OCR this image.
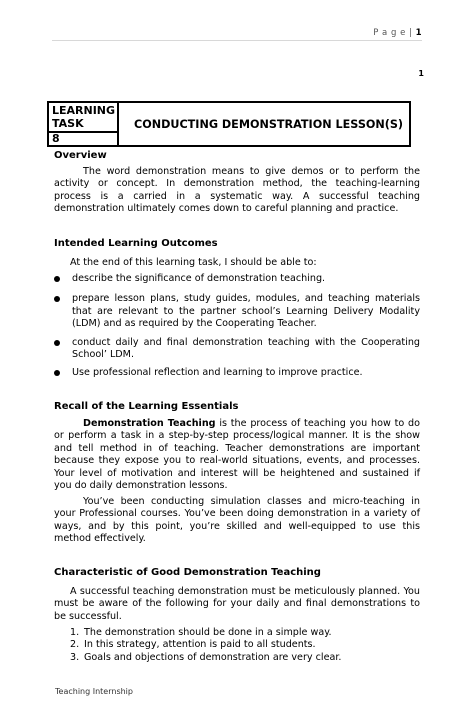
P a g e | 1
1
LEARNING TASK
8
CONDUCTING DEMONSTRATION LESSON(S)
Overview
The word demonstration means to give demos or to perform the activity or concept. In demonstration method, the teaching-learning process is a carried in a systematic way. A successful teaching demonstration ultimately comes down to careful planning and practice.
Intended Learning Outcomes
At the end of this learning task, I should be able to:
describe the significance of demonstration teaching.
prepare lesson plans, study guides, modules, and teaching materials that are relevant to the partner school’s Learning Delivery Modality (LDM) and as required by the Cooperating Teacher.
conduct daily and final demonstration teaching with the Cooperating School’ LDM.
Use professional reflection and learning to improve practice.
Recall of the Learning Essentials
Demonstration Teaching is the process of teaching you how to do or perform a task in a step-by-step process/logical manner. It is the show and tell method in of teaching. Teacher demonstrations are important because they expose you to real-world situations, events, and processes. Your level of motivation and interest will be heightened and sustained if you do daily demonstration lessons.
You’ve been conducting simulation classes and micro-teaching in your Professional courses. You’ve been doing demonstration in a variety of ways, and by this point, you’re skilled and well-equipped to use this method effectively.
Characteristic of Good Demonstration Teaching
A successful teaching demonstration must be meticulously planned. You must be aware of the following for your daily and final demonstrations to be successful.
1. The demonstration should be done in a simple way.
2. In this strategy, attention is paid to all students.
3. Goals and objections of demonstration are very clear.
Teaching Internship
